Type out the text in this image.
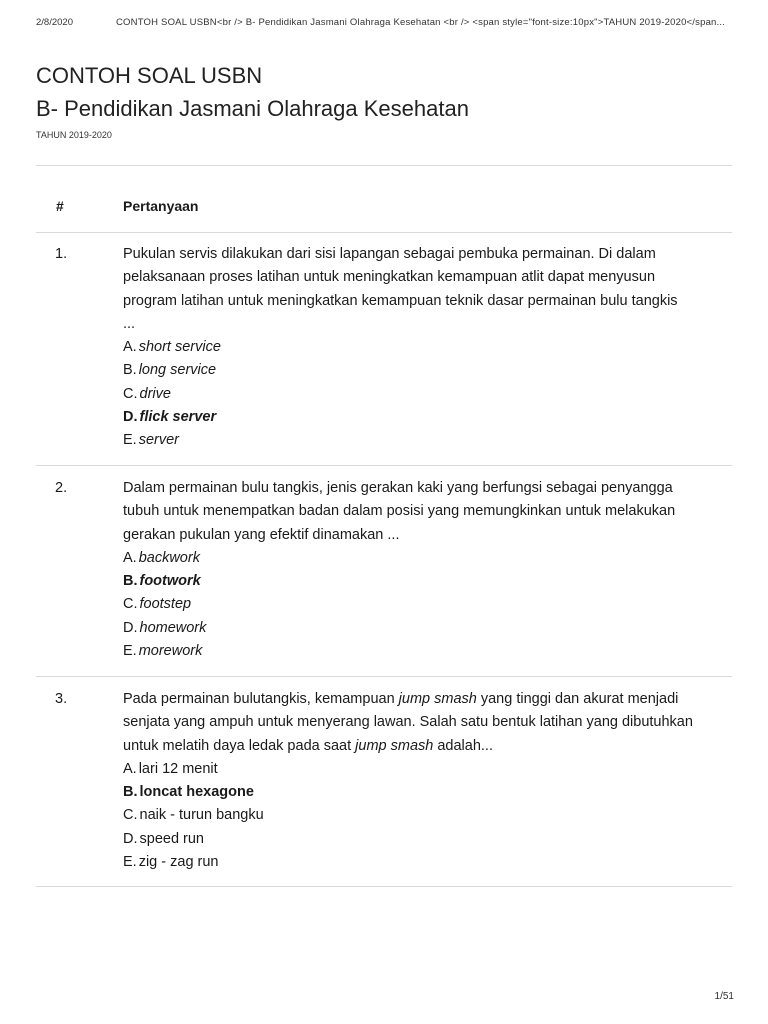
2/8/2020	CONTOH SOAL USBN<br /> B- Pendidikan Jasmani Olahraga Kesehatan <br /> <span style="font-size:10px">TAHUN 2019-2020</span...
CONTOH SOAL USBN
B- Pendidikan Jasmani Olahraga Kesehatan
TAHUN 2019-2020
#	Pertanyaan
1.	Pukulan servis dilakukan dari sisi lapangan sebagai pembuka permainan. Di dalam
pelaksanaan proses latihan untuk meningkatkan kemampuan atlit dapat menyusun
program latihan untuk meningkatkan kemampuan teknik dasar permainan bulu tangkis
...
A. short service
B. long service
C. drive
D. flick server
E. server
2.	Dalam permainan bulu tangkis, jenis gerakan kaki yang berfungsi sebagai penyangga
tubuh untuk menempatkan badan dalam posisi yang memungkinkan untuk melakukan
gerakan pukulan yang efektif dinamakan ...
A. backwork
B. footwork
C. footstep
D. homework
E. morework
3.	Pada permainan bulutangkis, kemampuan jump smash yang tinggi dan akurat menjadi
senjata yang ampuh untuk menyerang lawan. Salah satu bentuk latihan yang dibutuhkan
untuk melatih daya ledak pada saat jump smash adalah...
A. lari 12 menit
B. loncat hexagone
C. naik - turun bangku
D. speed run
E. zig - zag run
1/51
